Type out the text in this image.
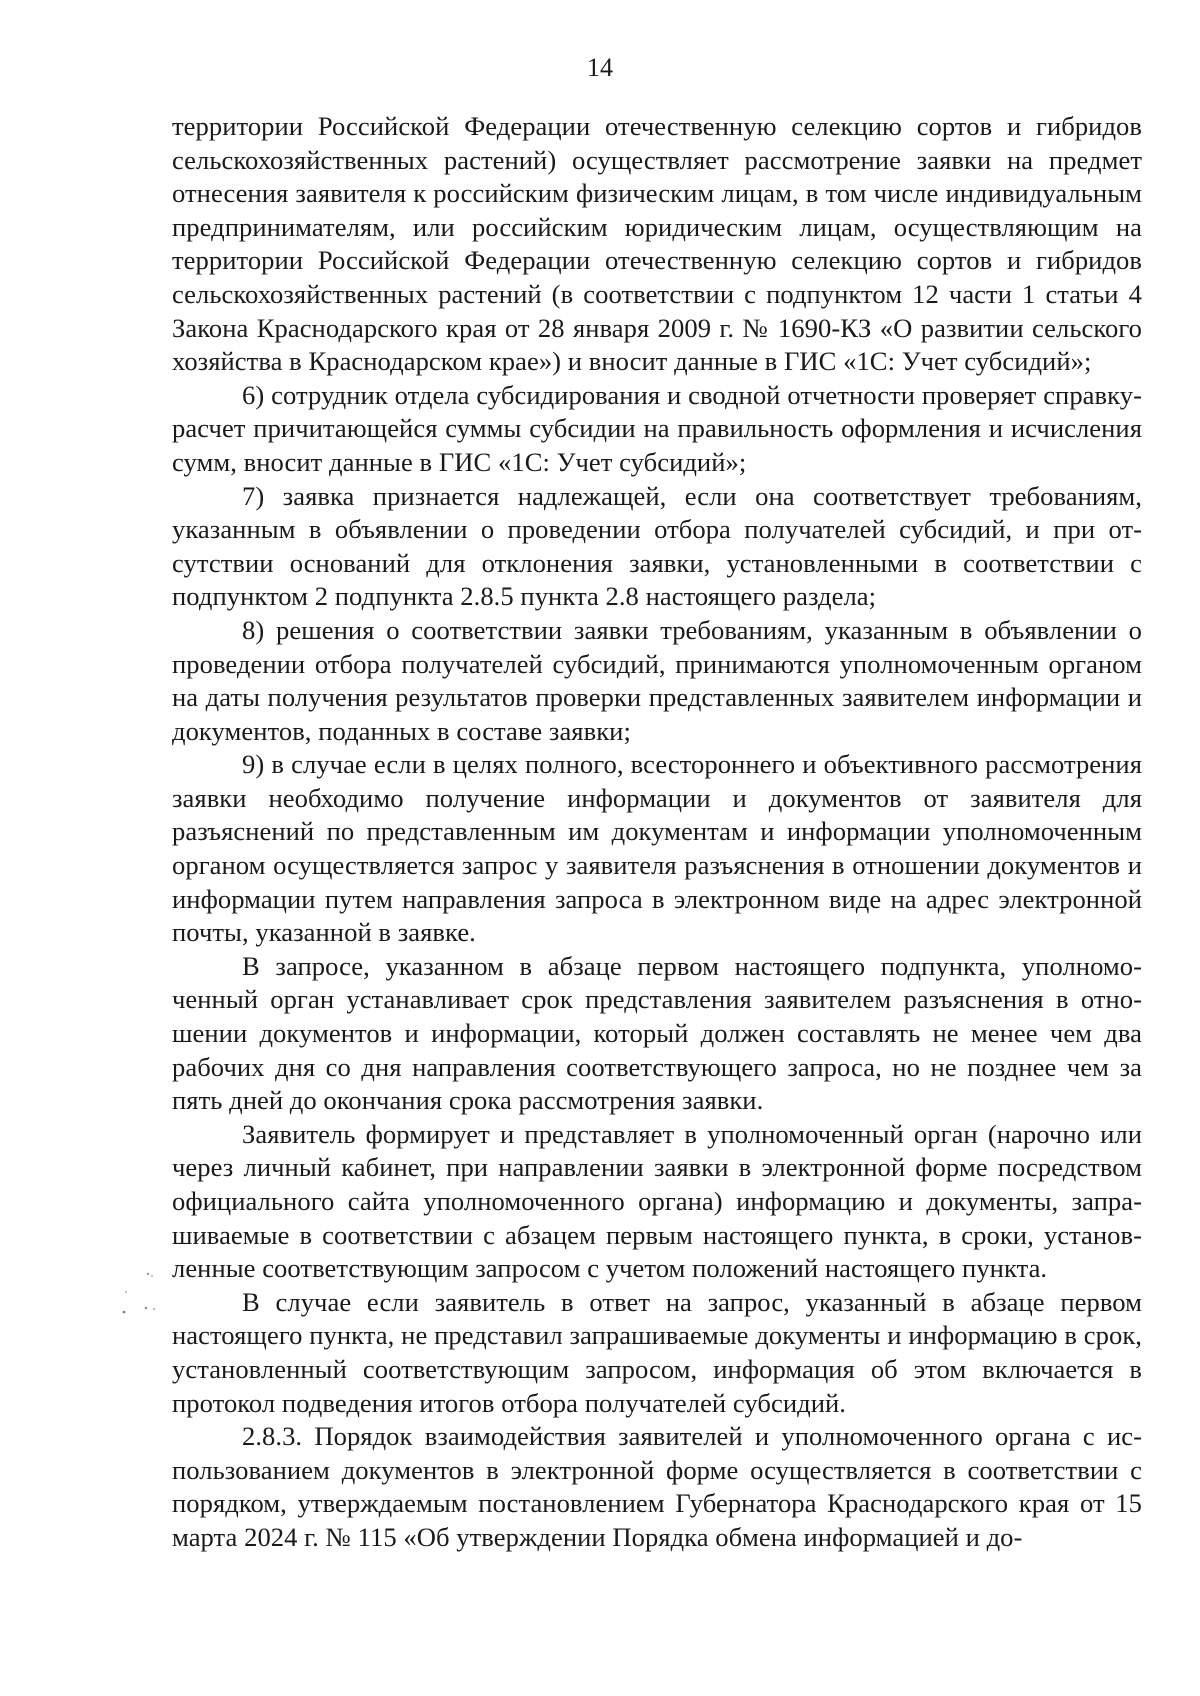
14

территории Российской Федерации отечественную селекцию сортов и гибридов сельскохозяйственных растений) осуществляет рассмотрение заявки на предмет отнесения заявителя к российским физическим лицам, в том числе индивидуальным предпринимателям, или российским юридическим лицам, осуществляющим на территории Российской Федерации отечественную селекцию сортов и гибридов сельскохозяйственных растений (в соответствии с подпунктом 12 части 1 статьи 4 Закона Краснодарского края от 28 января 2009 г. № 1690-КЗ «О развитии сельского хозяйства в Краснодарском крае») и вносит данные в ГИС «1С: Учет субсидий»;

6) сотрудник отдела субсидирования и сводной отчетности проверяет справку-расчет причитающейся суммы субсидии на правильность оформления и исчисления сумм, вносит данные в ГИС «1С: Учет субсидий»;

7) заявка признается надлежащей, если она соответствует требованиям, указанным в объявлении о проведении отбора получателей субсидий, и при отсутствии оснований для отклонения заявки, установленными в соответствии с подпунктом 2 подпункта 2.8.5 пункта 2.8 настоящего раздела;

8) решения о соответствии заявки требованиям, указанным в объявлении о проведении отбора получателей субсидий, принимаются уполномоченным органом на даты получения результатов проверки представленных заявителем информации и документов, поданных в составе заявки;

9) в случае если в целях полного, всестороннего и объективного рассмотрения заявки необходимо получение информации и документов от заявителя для разъяснений по представленным им документам и информации уполномоченным органом осуществляется запрос у заявителя разъяснения в отношении документов и информации путем направления запроса в электронном виде на адрес электронной почты, указанной в заявке.

В запросе, указанном в абзаце первом настоящего подпункта, уполномоченный орган устанавливает срок представления заявителем разъяснения в отношении документов и информации, который должен составлять не менее чем два рабочих дня со дня направления соответствующего запроса, но не позднее чем за пять дней до окончания срока рассмотрения заявки.

Заявитель формирует и представляет в уполномоченный орган (нарочно или через личный кабинет, при направлении заявки в электронной форме посредством официального сайта уполномоченного органа) информацию и документы, запрашиваемые в соответствии с абзацем первым настоящего пункта, в сроки, установленные соответствующим запросом с учетом положений настоящего пункта.

В случае если заявитель в ответ на запрос, указанный в абзаце первом настоящего пункта, не представил запрашиваемые документы и информацию в срок, установленный соответствующим запросом, информация об этом включается в протокол подведения итогов отбора получателей субсидий.

2.8.3. Порядок взаимодействия заявителей и уполномоченного органа с использованием документов в электронной форме осуществляется в соответствии с порядком, утверждаемым постановлением Губернатора Краснодарского края от 15 марта 2024 г. № 115 «Об утверждении Порядка обмена информацией и до-
